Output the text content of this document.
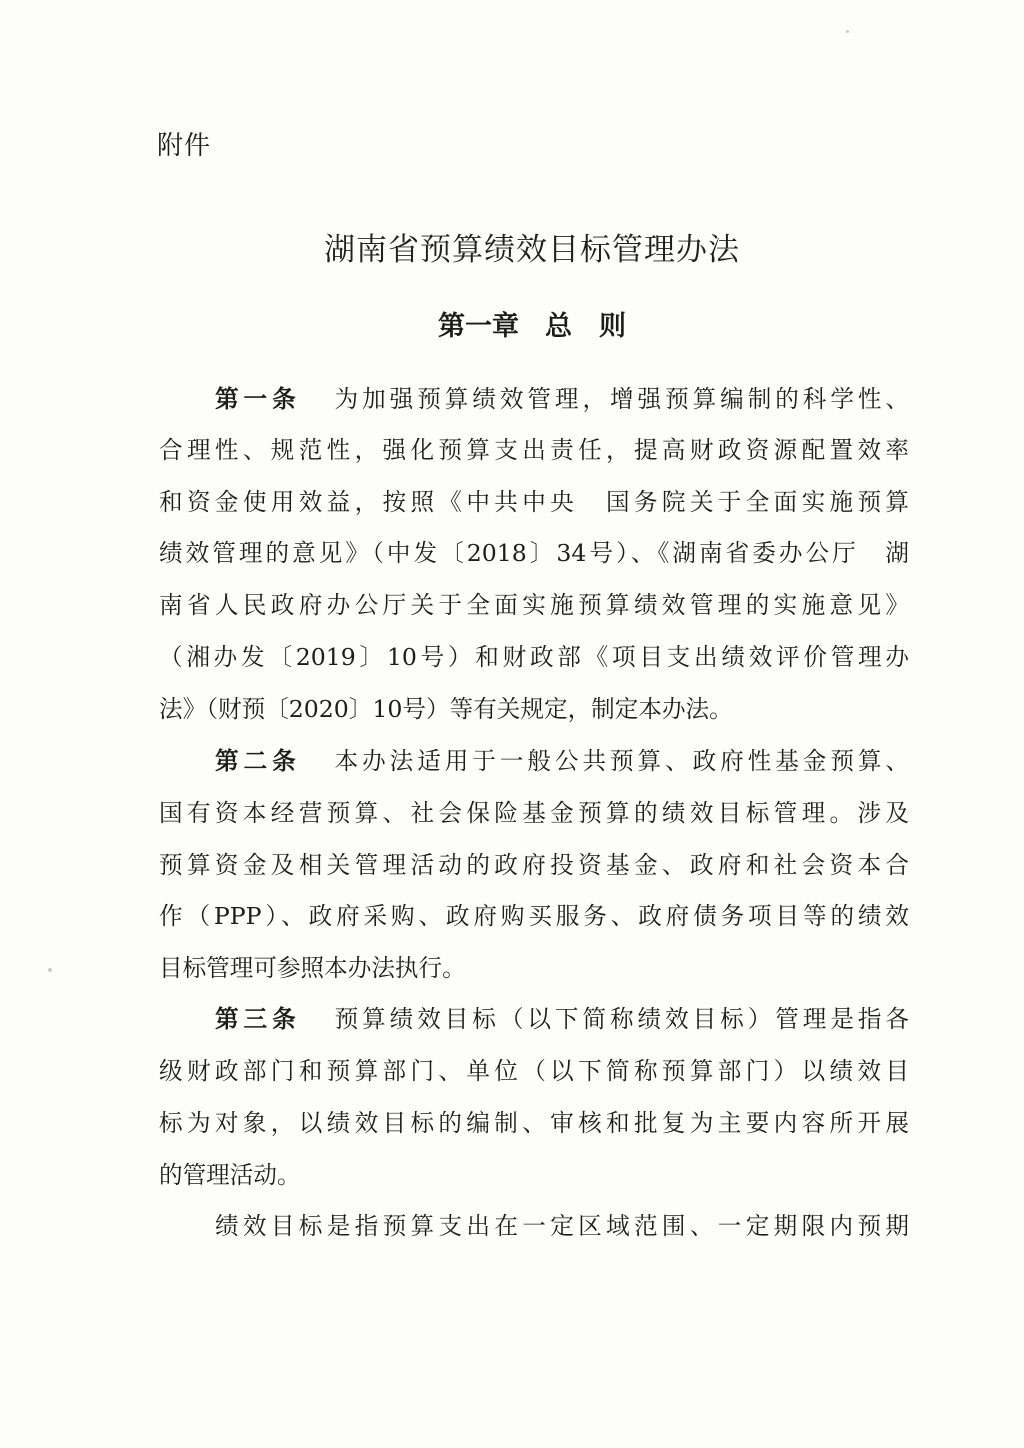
附件
湖南省预算绩效目标管理办法
第一章 总　则
第一条 为加强预算绩效管理，增强预算编制的科学性、
合理性、规范性，强化预算支出责任，提高财政资源配置效率
和资金使用效益，按照《中共中央　国务院关于全面实施预算
绩效管理的意见》（中发〔2018〕34号）、《湖南省委办公厅　湖
南省人民政府办公厅关于全面实施预算绩效管理的实施意见》
（湘办发〔2019〕10号）和财政部《项目支出绩效评价管理办
法》（财预〔2020〕10号）等有关规定，制定本办法。
第二条 本办法适用于一般公共预算、政府性基金预算、
国有资本经营预算、社会保险基金预算的绩效目标管理。涉及
预算资金及相关管理活动的政府投资基金、政府和社会资本合
作（PPP）、政府采购、政府购买服务、政府债务项目等的绩效
目标管理可参照本办法执行。
第三条 预算绩效目标（以下简称绩效目标）管理是指各
级财政部门和预算部门、单位（以下简称预算部门）以绩效目
标为对象，以绩效目标的编制、审核和批复为主要内容所开展
的管理活动。
绩效目标是指预算支出在一定区域范围、一定期限内预期
